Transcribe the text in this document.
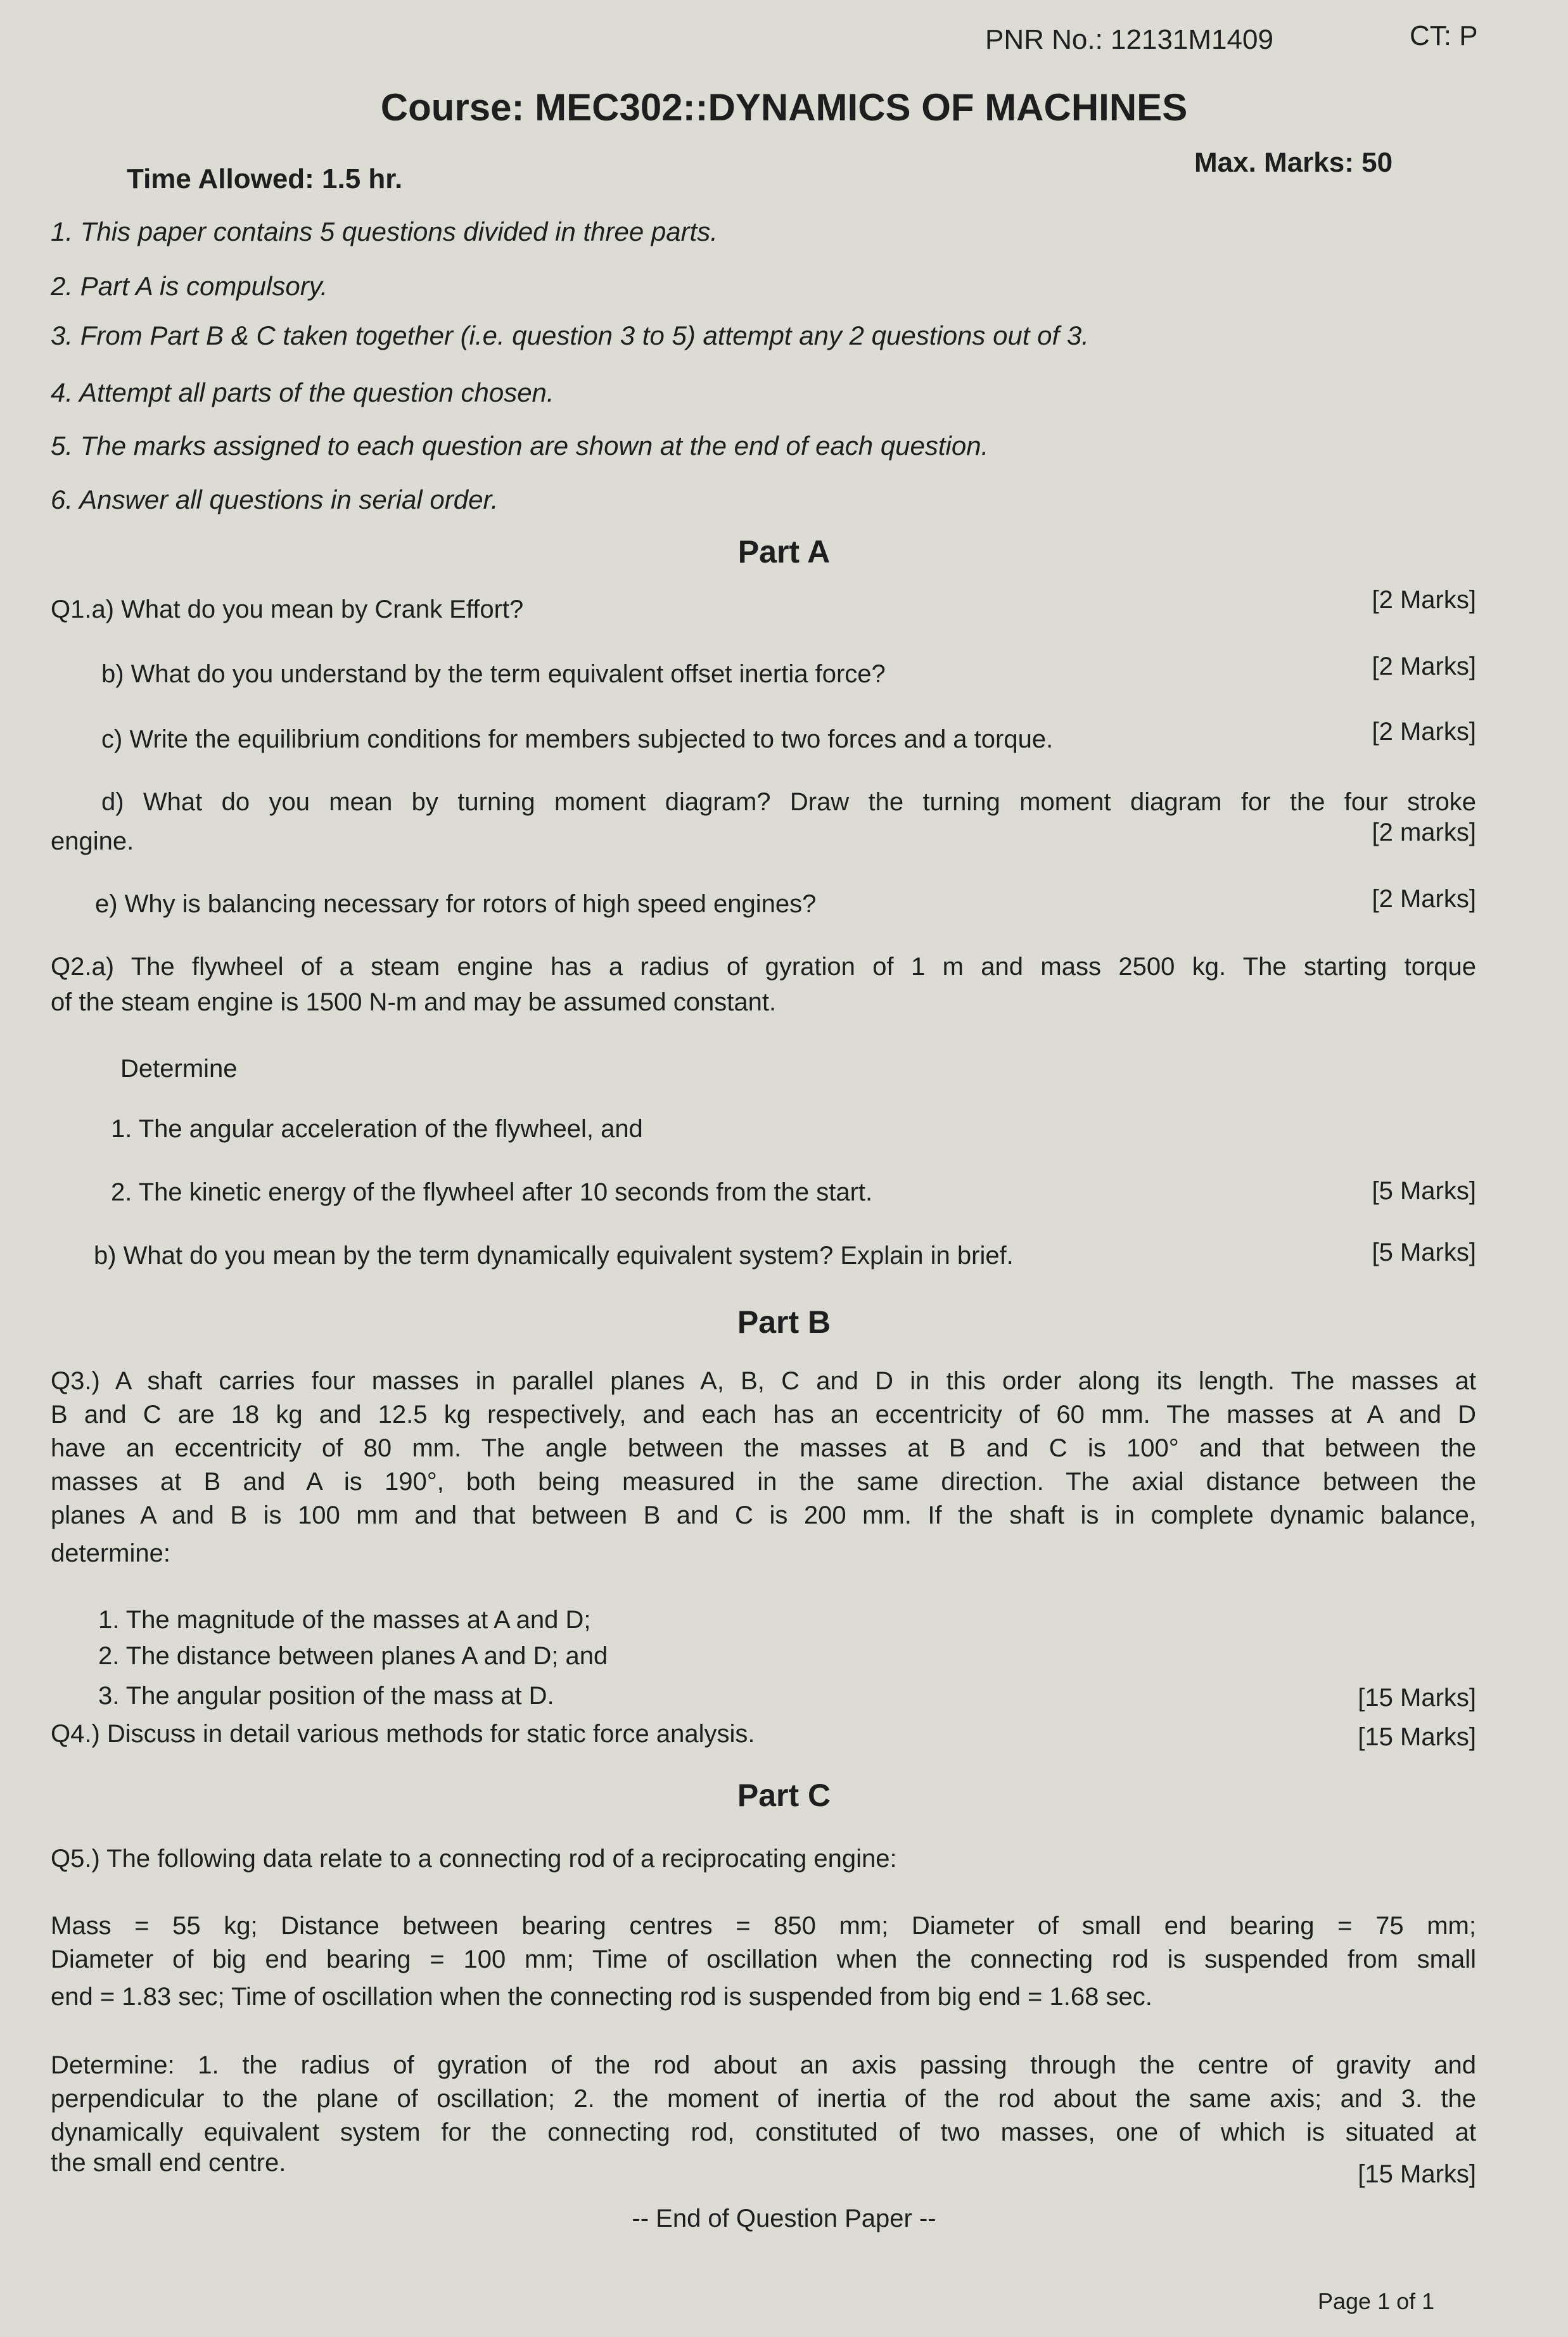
PNR No.: 12131M1409	CT: P
Course: MEC302::DYNAMICS OF MACHINES
Time Allowed: 1.5 hr.
Max. Marks: 50
1. This paper contains 5 questions divided in three parts.
2. Part A is compulsory.
3. From Part B & C taken together (i.e. question 3 to 5) attempt any 2 questions out of 3.
4. Attempt all parts of the question chosen.
5. The marks assigned to each question are shown at the end of each question.
6. Answer all questions in serial order.
Part A
Q1.a) What do you mean by Crank Effort?	[2 Marks]
b) What do you understand by the term equivalent offset inertia force?	[2 Marks]
c) Write the equilibrium conditions for members subjected to two forces and a torque.	[2 Marks]
d) What do you mean by turning moment diagram? Draw the turning moment diagram for the four stroke
engine.	[2 marks]
e) Why is balancing necessary for rotors of high speed engines?	[2 Marks]
Q2.a) The flywheel of a steam engine has a radius of gyration of 1 m and mass 2500 kg. The starting torque
of the steam engine is 1500 N-m and may be assumed constant.
Determine
1. The angular acceleration of the flywheel, and
2. The kinetic energy of the flywheel after 10 seconds from the start.	[5 Marks]
b) What do you mean by the term dynamically equivalent system? Explain in brief.	[5 Marks]
Part B
Q3.) A shaft carries four masses in parallel planes A, B, C and D in this order along its length. The masses at
B and C are 18 kg and 12.5 kg respectively, and each has an eccentricity of 60 mm. The masses at A and D
have an eccentricity of 80 mm. The angle between the masses at B and C is 100° and that between the
masses at B and A is 190°, both being measured in the same direction. The axial distance between the
planes A and B is 100 mm and that between B and C is 200 mm. If the shaft is in complete dynamic balance,
determine:
1. The magnitude of the masses at A and D;
2. The distance between planes A and D; and
3. The angular position of the mass at D.	[15 Marks]
Q4.) Discuss in detail various methods for static force analysis.	[15 Marks]
Part C
Q5.) The following data relate to a connecting rod of a reciprocating engine:
Mass = 55 kg; Distance between bearing centres = 850 mm; Diameter of small end bearing = 75 mm;
Diameter of big end bearing = 100 mm; Time of oscillation when the connecting rod is suspended from small
end = 1.83 sec; Time of oscillation when the connecting rod is suspended from big end = 1.68 sec.
Determine: 1. the radius of gyration of the rod about an axis passing through the centre of gravity and
perpendicular to the plane of oscillation; 2. the moment of inertia of the rod about the same axis; and 3. the
dynamically equivalent system for the connecting rod, constituted of two masses, one of which is situated at
the small end centre.	[15 Marks]
-- End of Question Paper --
Page 1 of 1
